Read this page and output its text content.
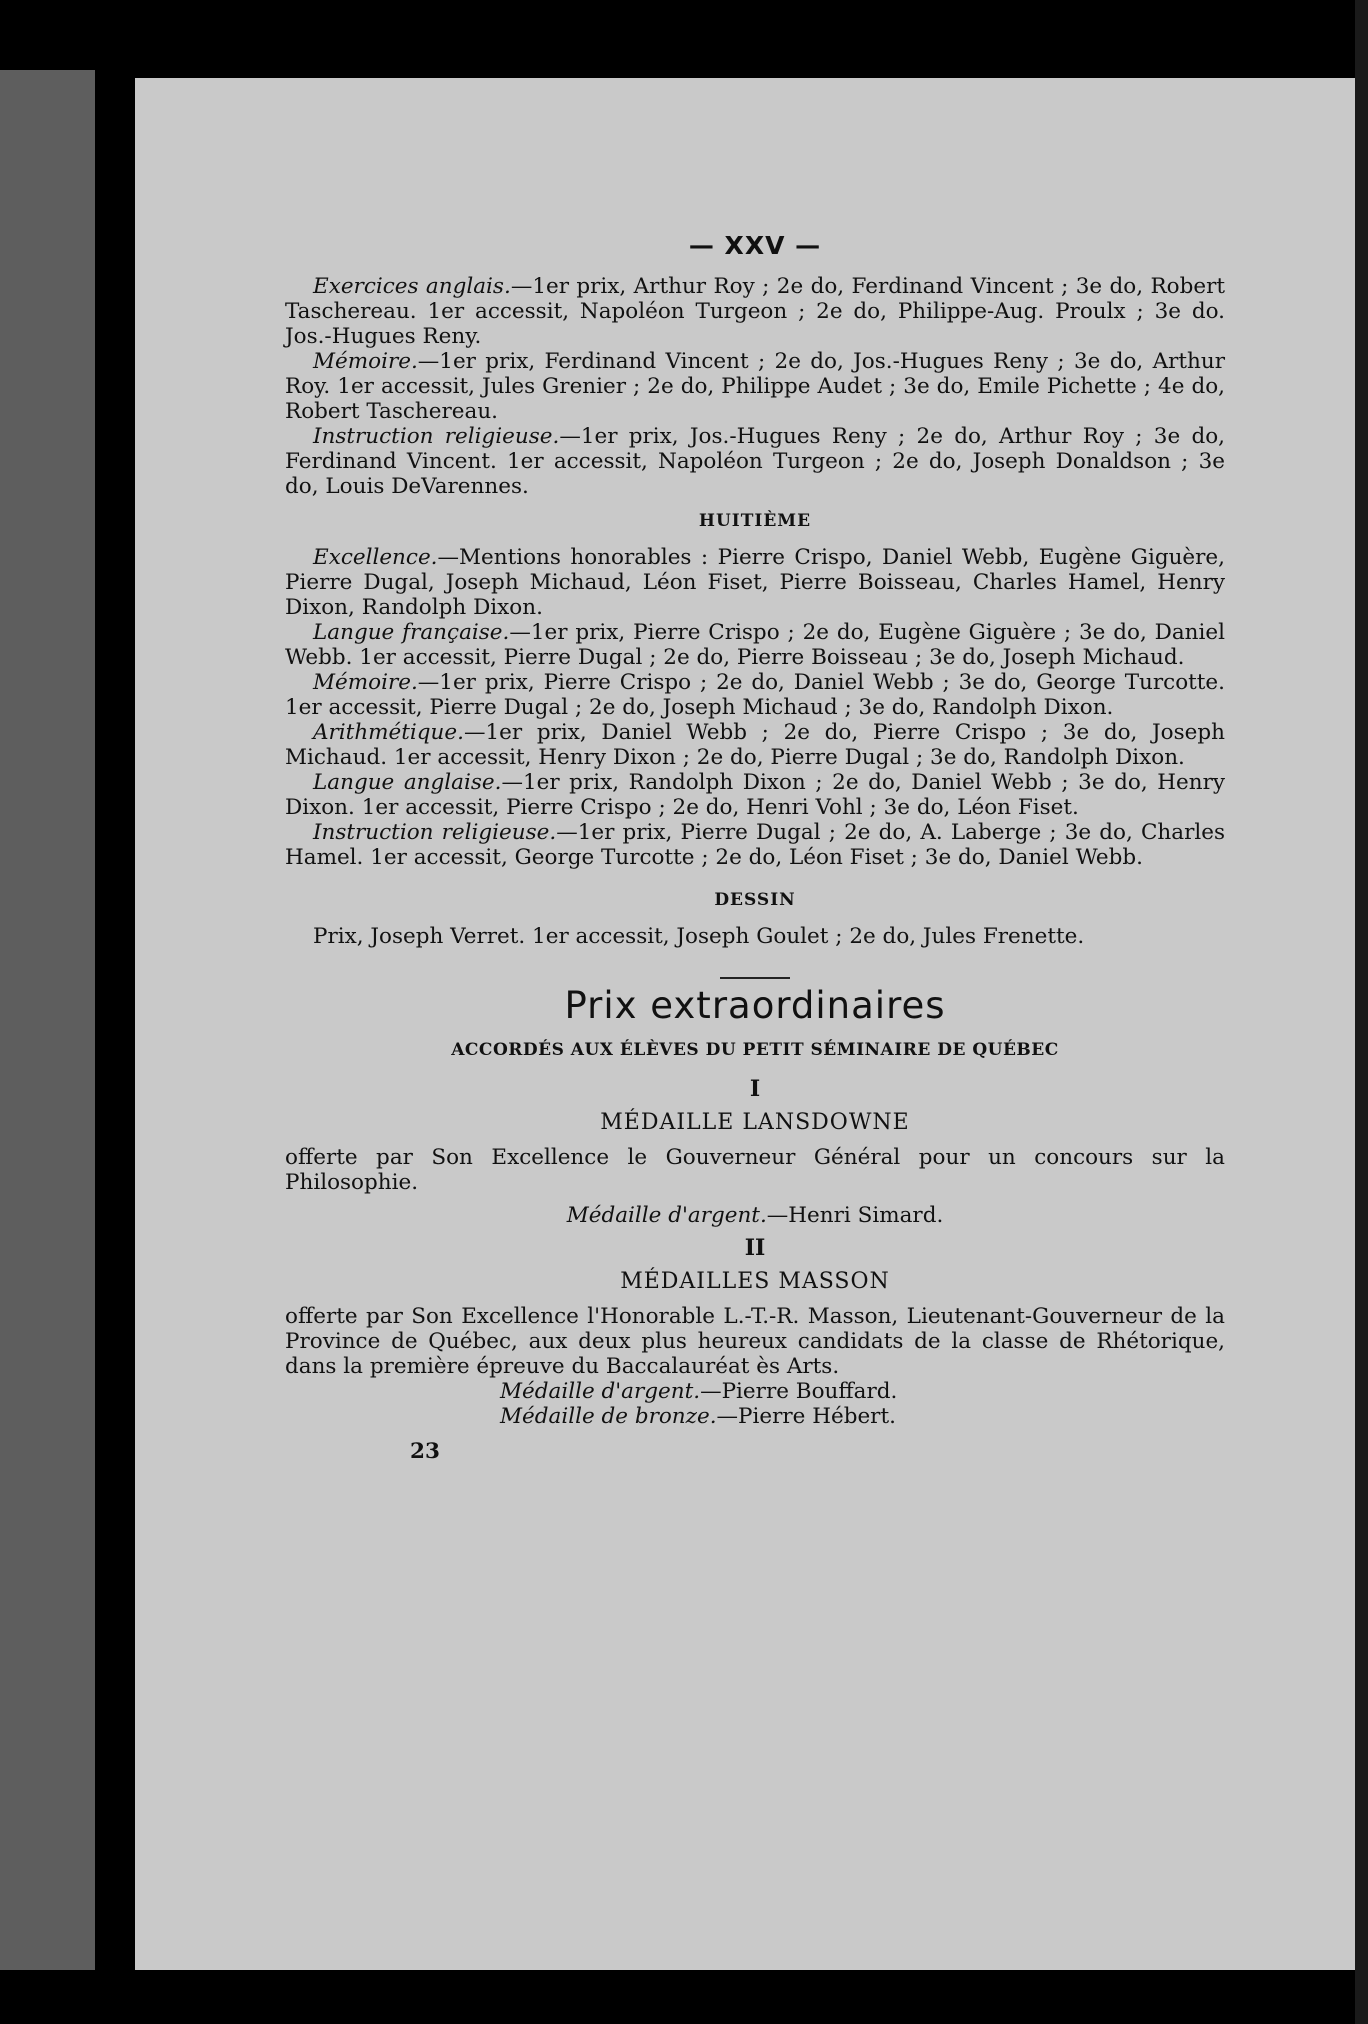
— XXV —

Exercices anglais.—1er prix, Arthur Roy ; 2e do, Ferdinand Vincent ; 3e do, Robert Taschereau. 1er accessit, Napoléon Turgeon ; 2e do, Philippe-Aug. Proulx ; 3e do. Jos.-Hugues Reny.

Mémoire.—1er prix, Ferdinand Vincent ; 2e do, Jos.-Hugues Reny ; 3e do, Arthur Roy. 1er accessit, Jules Grenier ; 2e do, Philippe Audet ; 3e do, Emile Pichette ; 4e do, Robert Taschereau.

Instruction religieuse.—1er prix, Jos.-Hugues Reny ; 2e do, Arthur Roy ; 3e do, Ferdinand Vincent. 1er accessit, Napoléon Turgeon ; 2e do, Joseph Donaldson ; 3e do, Louis DeVarennes.

HUITIÈME

Excellence.—Mentions honorables : Pierre Crispo, Daniel Webb, Eugène Giguère, Pierre Dugal, Joseph Michaud, Léon Fiset, Pierre Boisseau, Charles Hamel, Henry Dixon, Randolph Dixon.

Langue française.—1er prix, Pierre Crispo ; 2e do, Eugène Giguère ; 3e do, Daniel Webb. 1er accessit, Pierre Dugal ; 2e do, Pierre Boisseau ; 3e do, Joseph Michaud.

Mémoire.—1er prix, Pierre Crispo ; 2e do, Daniel Webb ; 3e do, George Turcotte. 1er accessit, Pierre Dugal ; 2e do, Joseph Michaud ; 3e do, Randolph Dixon.

Arithmétique.—1er prix, Daniel Webb ; 2e do, Pierre Crispo ; 3e do, Joseph Michaud. 1er accessit, Henry Dixon ; 2e do, Pierre Dugal ; 3e do, Randolph Dixon.

Langue anglaise.—1er prix, Randolph Dixon ; 2e do, Daniel Webb ; 3e do, Henry Dixon. 1er accessit, Pierre Crispo ; 2e do, Henri Vohl ; 3e do, Léon Fiset.

Instruction religieuse.—1er prix, Pierre Dugal ; 2e do, A. Laberge ; 3e do, Charles Hamel. 1er accessit, George Turcotte ; 2e do, Léon Fiset ; 3e do, Daniel Webb.

DESSIN

Prix, Joseph Verret. 1er accessit, Joseph Goulet ; 2e do, Jules Frenette.

Prix extraordinaires
ACCORDÉS AUX ÉLÈVES DU PETIT SÉMINAIRE DE QUÉBEC
I
MÉDAILLE LANSDOWNE

offerte par Son Excellence le Gouverneur Général pour un concours sur la Philosophie.

Médaille d'argent.—Henri Simard.

II
MÉDAILLES MASSON

offerte par Son Excellence l'Honorable L.-T.-R. Masson, Lieutenant-Gouverneur de la Province de Québec, aux deux plus heureux candidats de la classe de Rhétorique, dans la première épreuve du Baccalauréat ès Arts.

Médaille d'argent.—Pierre Bouffard.

Médaille de bronze.—Pierre Hébert.

23
